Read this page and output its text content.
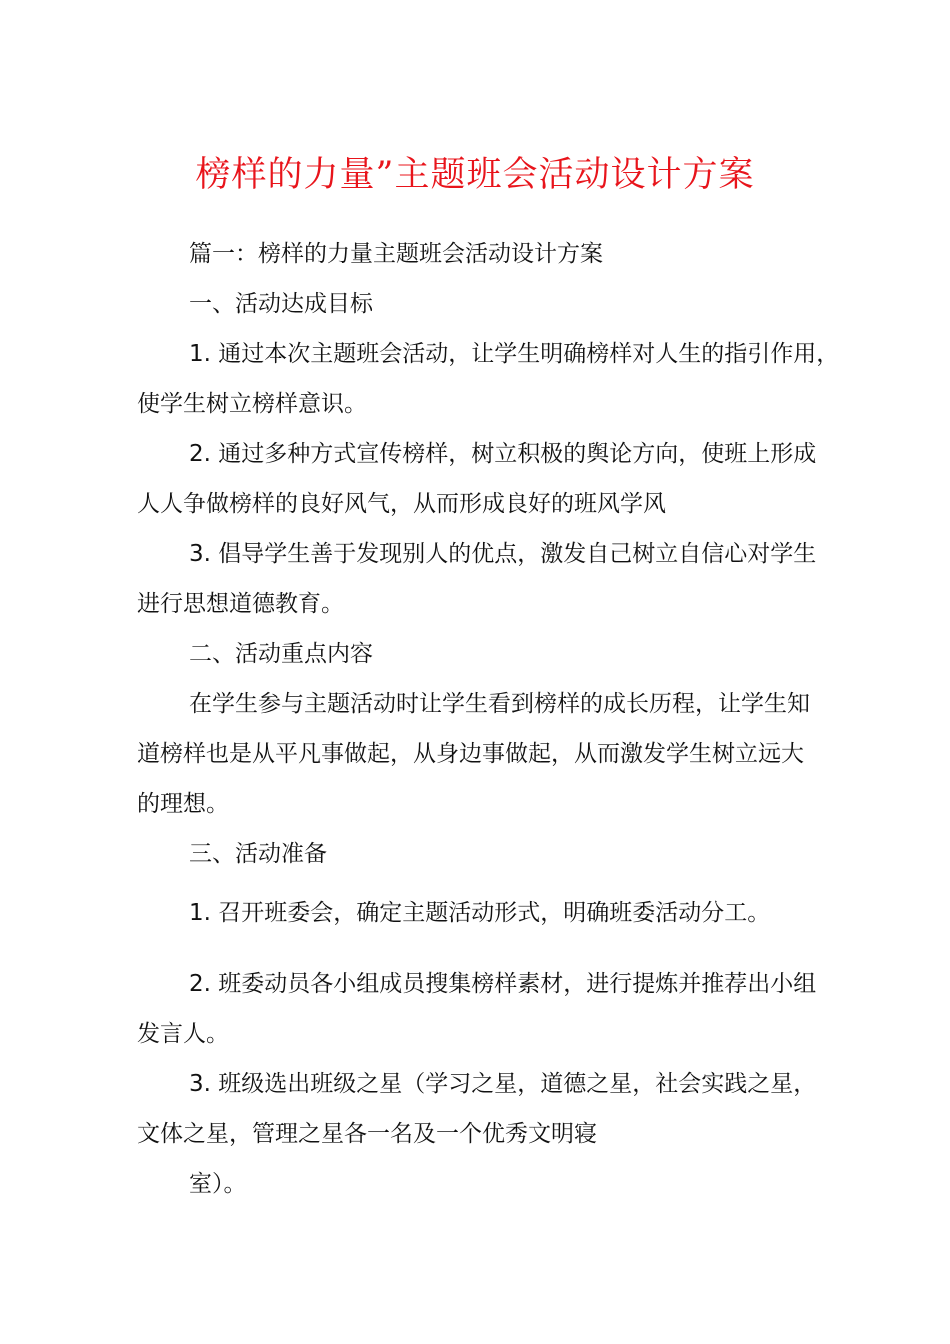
榜样的力量”主题班会活动设计方案
篇一：榜样的力量主题班会活动设计方案
一、活动达成目标
1. 通过本次主题班会活动，让学生明确榜样对人生的指引作用，
使学生树立榜样意识。
2. 通过多种方式宣传榜样，树立积极的舆论方向，使班上形成
人人争做榜样的良好风气，从而形成良好的班风学风
3. 倡导学生善于发现别人的优点，激发自己树立自信心对学生
进行思想道德教育。
二、活动重点内容
在学生参与主题活动时让学生看到榜样的成长历程，让学生知
道榜样也是从平凡事做起，从身边事做起，从而激发学生树立远大
的理想。
三、活动准备
1. 召开班委会，确定主题活动形式，明确班委活动分工。
2. 班委动员各小组成员搜集榜样素材，进行提炼并推荐出小组
发言人。
3. 班级选出班级之星（学习之星，道德之星，社会实践之星，
文体之星，管理之星各一名及一个优秀文明寝
室）。
